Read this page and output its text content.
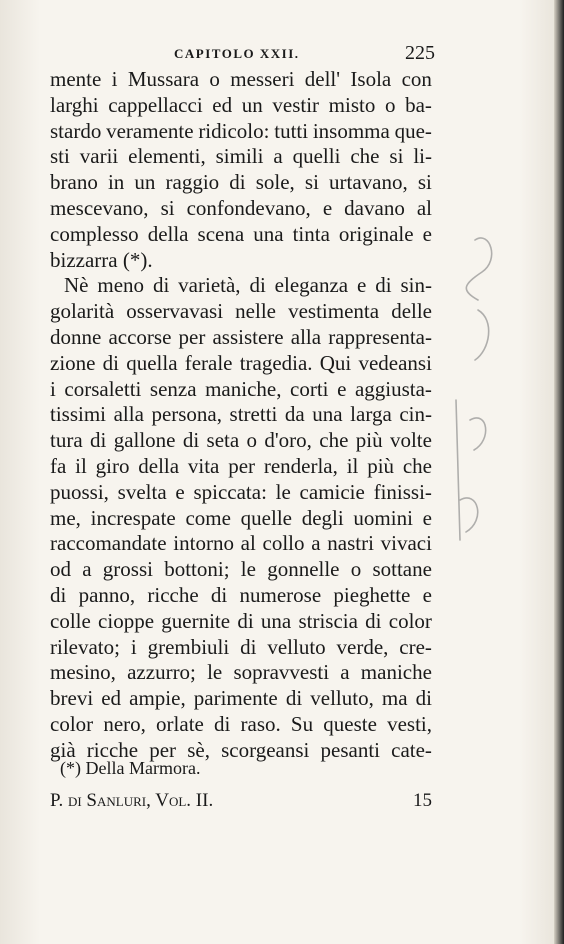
CAPITOLO XXII.	225
mente i Mussara o messeri dell' Isola con
larghi cappellacci ed un vestir misto o ba-
stardo veramente ridicolo: tutti insomma que-
sti varii elementi, simili a quelli che si li-
brano in un raggio di sole, si urtavano, si
mescevano, si confondevano, e davano al
complesso della scena una tinta originale e
bizzarra (*).
Nè meno di varietà, di eleganza e di sin-
golarità osservavasi nelle vestimenta delle
donne accorse per assistere alla rappresenta-
zione di quella ferale tragedia. Qui vedeansi
i corsaletti senza maniche, corti e aggiusta-
tissimi alla persona, stretti da una larga cin-
tura di gallone di seta o d'oro, che più volte
fa il giro della vita per renderla, il più che
puossi, svelta e spiccata: le camicie finissi-
me, increspate come quelle degli uomini e
raccomandate intorno al collo a nastri vivaci
od a grossi bottoni; le gonnelle o sottane
di panno, ricche di numerose pieghette e
colle cioppe guernite di una striscia di color
rilevato; i grembiuli di velluto verde, cre-
mesino, azzurro; le sopravvesti a maniche
brevi ed ampie, parimente di velluto, ma di
color nero, orlate di raso. Su queste vesti,
già ricche per sè, scorgeansi pesanti cate-
(*) Della Marmora.
P. di Sanluri, Vol. II.	15
